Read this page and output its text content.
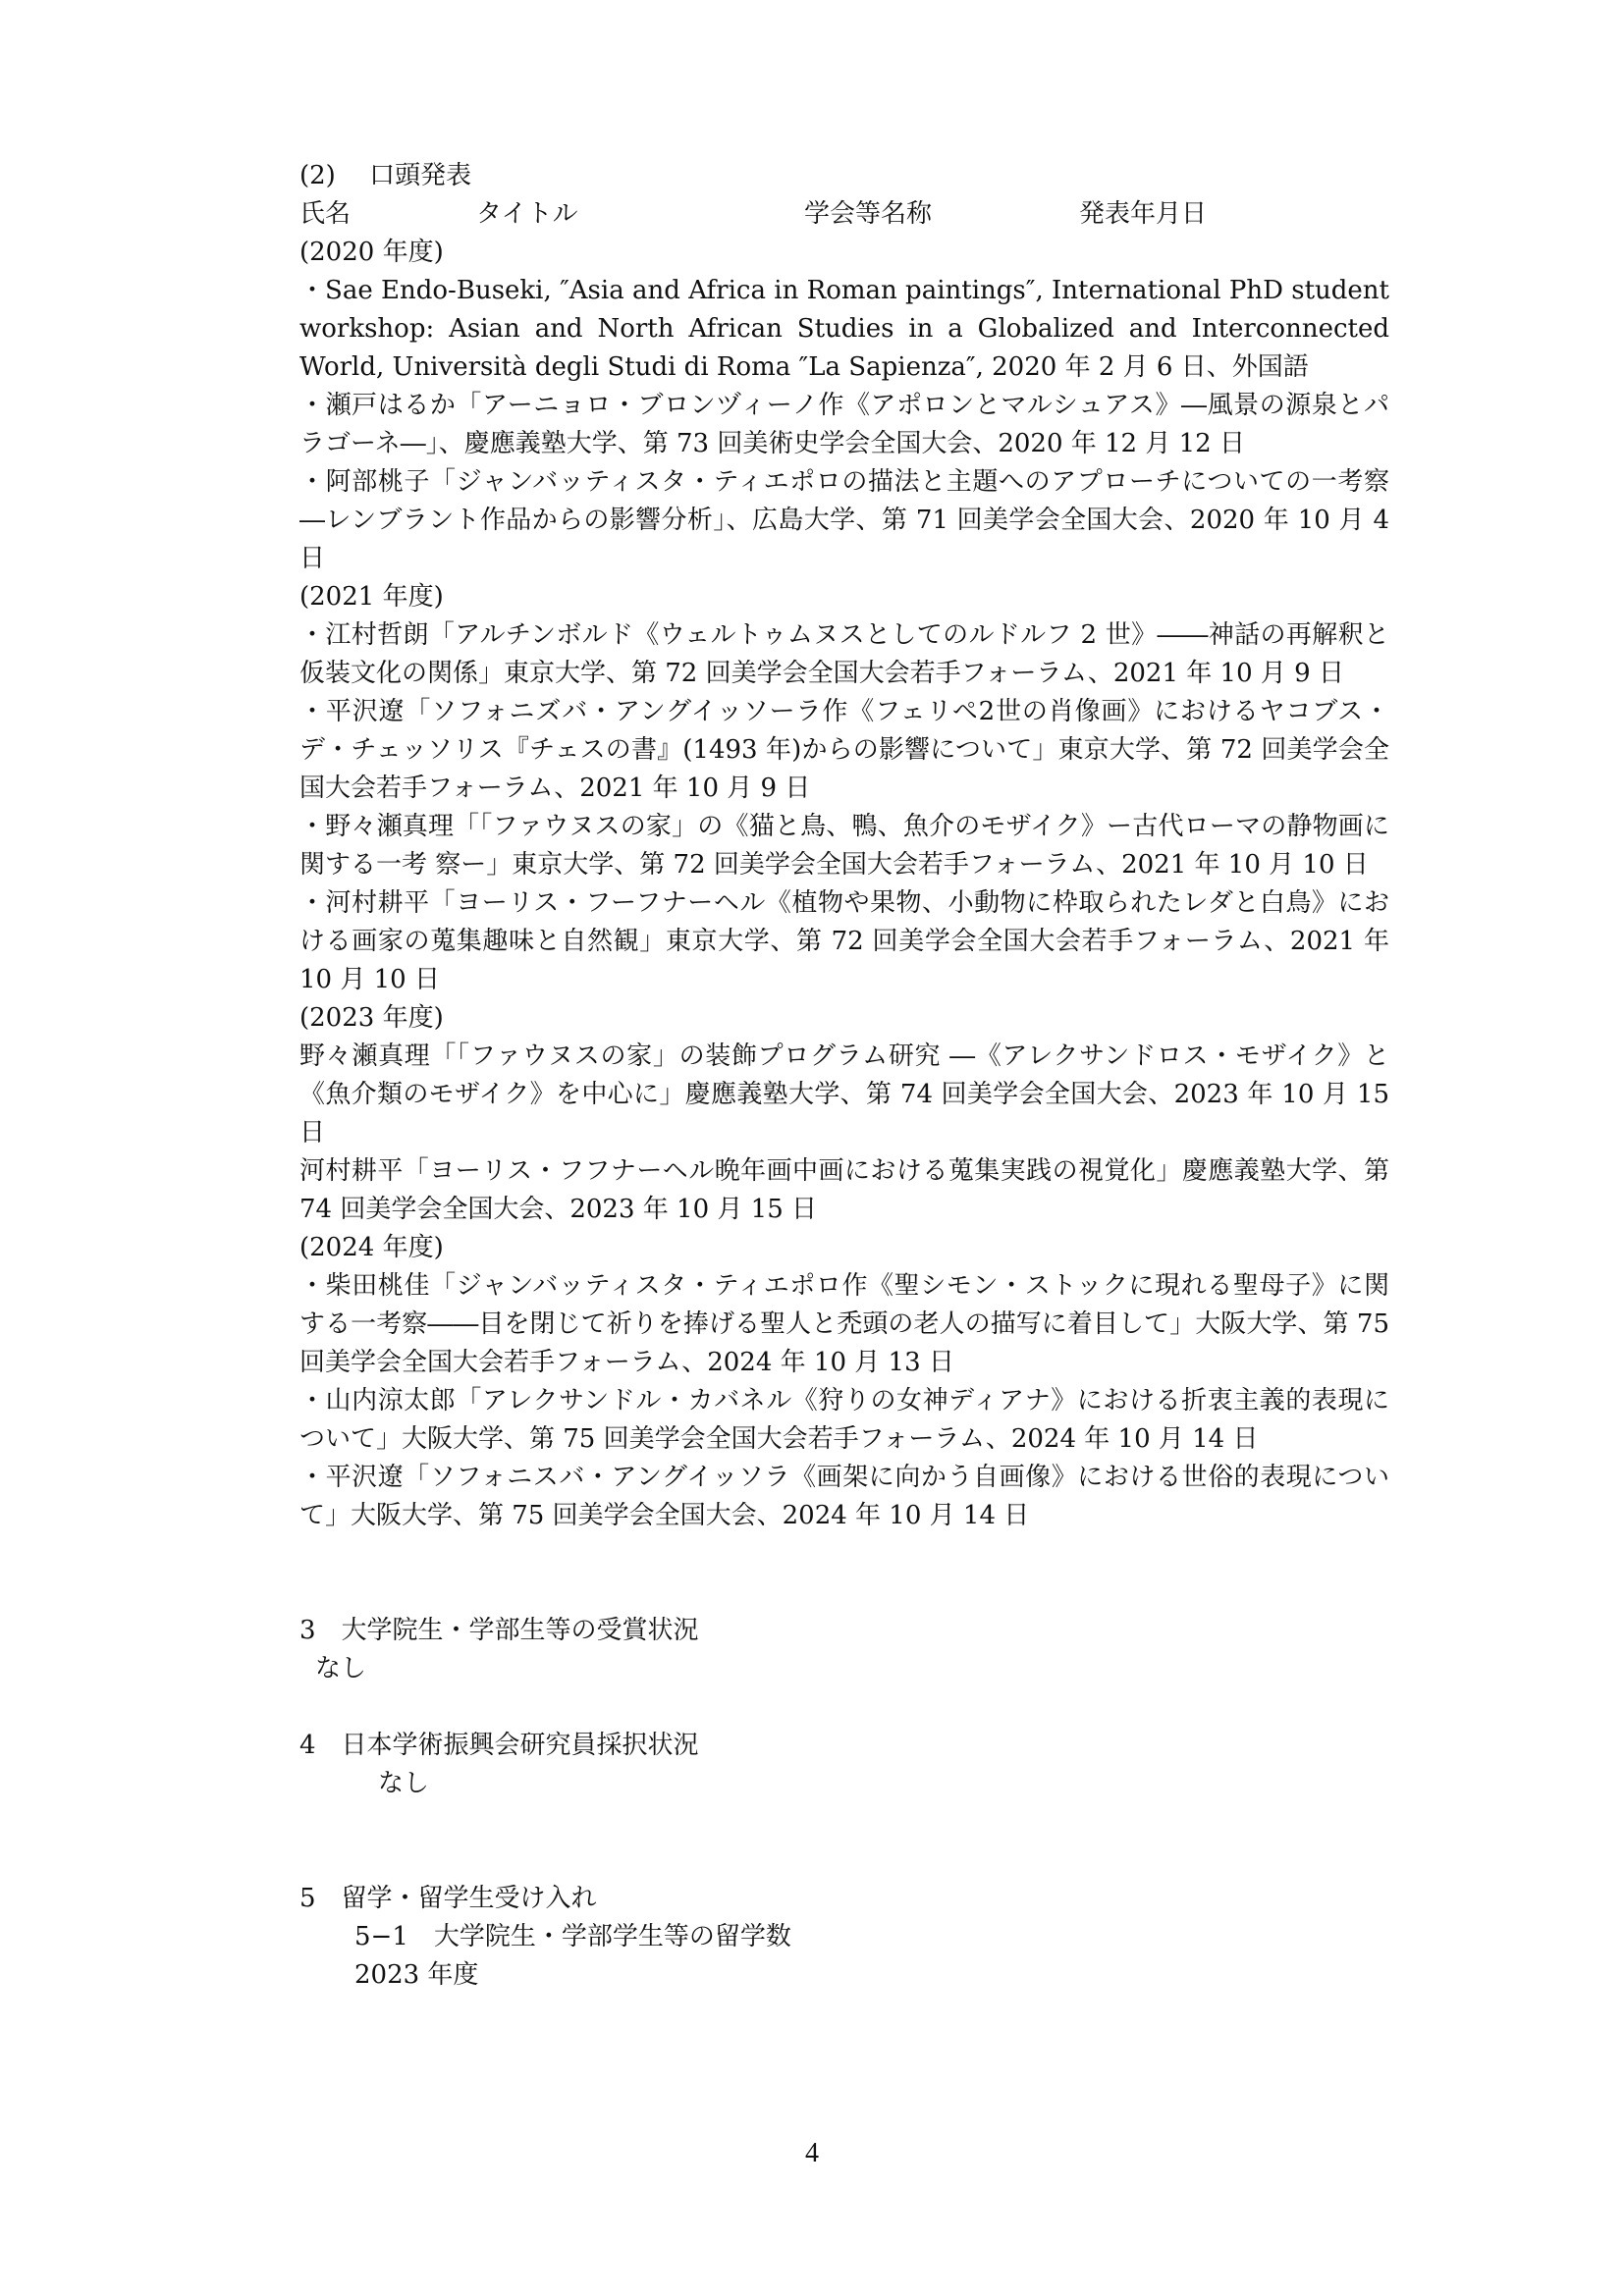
(2)　 口頭発表
氏名	タイトル	学会等名称	発表年月日
(2020 年度)
・Sae Endo-Buseki, ″Asia and Africa in Roman paintings″, International PhD student workshop: Asian and North African Studies in a Globalized and Interconnected World, Università degli Studi di Roma ″La Sapienza″, 2020 年 2 月 6 日、外国語
・瀬戸はるか「アーニョロ・ブロンヅィーノ作《アポロンとマルシュアス》―風景の源泉とパラゴーネ―」、慶應義塾大学、第 73 回美術史学会全国大会、2020 年 12 月 12 日
・阿部桃子「ジャンバッティスタ・ティエポロの描法と主題へのアプローチについての一考察―レンブラント作品からの影響分析」、広島大学、第 71 回美学会全国大会、2020 年 10 月 4 日
(2021 年度)
・江村哲朗「アルチンボルド《ウェルトゥムヌスとしてのルドルフ 2 世》――神話の再解釈と仮装文化の関係」東京大学、第 72 回美学会全国大会若手フォーラム、2021 年 10 月 9 日
・平沢遼「ソフォニズバ・アングイッソーラ作《フェリペ2世の肖像画》におけるヤコブス・デ・チェッソリス『チェスの書』(1493 年)からの影響について」東京大学、第 72 回美学会全国大会若手フォーラム、2021 年 10 月 9 日
・野々瀬真理「「ファウヌスの家」の《猫と鳥、鴨、魚介のモザイク》ー古代ローマの静物画に関する一考 察ー」東京大学、第 72 回美学会全国大会若手フォーラム、2021 年 10 月 10 日
・河村耕平「ヨーリス・フーフナーヘル《植物や果物、小動物に枠取られたレダと白鳥》における画家の蒐集趣味と自然観」東京大学、第 72 回美学会全国大会若手フォーラム、2021 年 10 月 10 日
(2023 年度)
野々瀬真理「「ファウヌスの家」の装飾プログラム研究 ―《アレクサンドロス・モザイク》と《魚介類のモザイク》を中心に」慶應義塾大学、第 74 回美学会全国大会、2023 年 10 月 15 日
河村耕平「ヨーリス・フフナーヘル晩年画中画における蒐集実践の視覚化」慶應義塾大学、第 74 回美学会全国大会、2023 年 10 月 15 日
(2024 年度)
・柴田桃佳「ジャンバッティスタ・ティエポロ作《聖シモン・ストックに現れる聖母子》に関する一考察――目を閉じて祈りを捧げる聖人と禿頭の老人の描写に着目して」大阪大学、第 75 回美学会全国大会若手フォーラム、2024 年 10 月 13 日
・山内涼太郎「アレクサンドル・カバネル《狩りの女神ディアナ》における折衷主義的表現について」大阪大学、第 75 回美学会全国大会若手フォーラム、2024 年 10 月 14 日
・平沢遼「ソフォニスバ・アングイッソラ《画架に向かう自画像》における世俗的表現について」大阪大学、第 75 回美学会全国大会、2024 年 10 月 14 日
3　大学院生・学部生等の受賞状況
なし
4　日本学術振興会研究員採択状況
なし
5　留学・留学生受け入れ
5−1　大学院生・学部学生等の留学数
2023 年度
4
